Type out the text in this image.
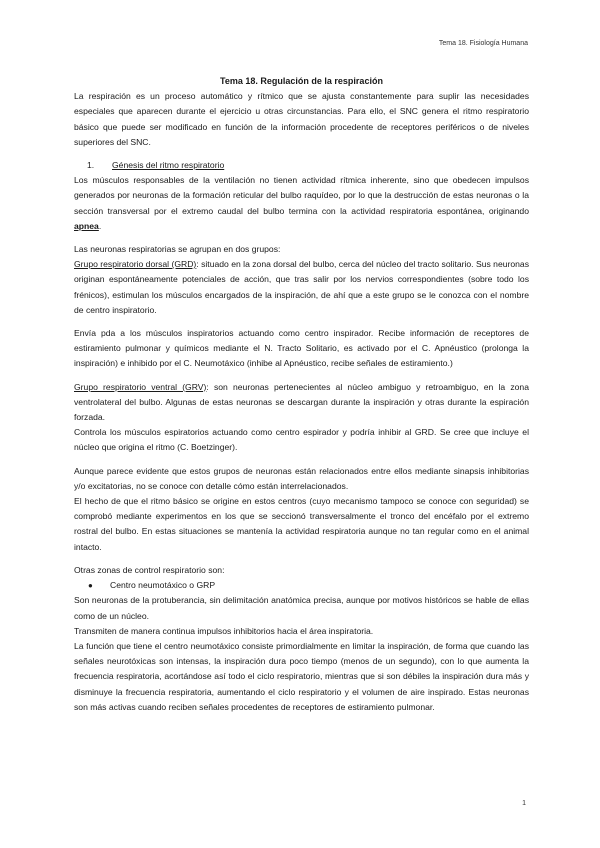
Tema 18. Fisiología Humana

Tema 18. Regulación de la respiración

La respiración es un proceso automático y rítmico que se ajusta constantemente para suplir las necesidades especiales que aparecen durante el ejercicio u otras circunstancias. Para ello, el SNC genera el ritmo respiratorio básico que puede ser modificado en función de la información procedente de receptores periféricos o de niveles superiores del SNC.

1.	Génesis del ritmo respiratorio

Los músculos responsables de la ventilación no tienen actividad rítmica inherente, sino que obedecen impulsos generados por neuronas de la formación reticular del bulbo raquídeo, por lo que la destrucción de estas neuronas o la sección transversal por el extremo caudal del bulbo termina con la actividad respiratoria espontánea, originando apnea.

Las neuronas respiratorias se agrupan en dos grupos:

Grupo respiratorio dorsal (GRD): situado en la zona dorsal del bulbo, cerca del núcleo del tracto solitario. Sus neuronas originan espontáneamente potenciales de acción, que tras salir por los nervios correspondientes (sobre todo los frénicos), estimulan los músculos encargados de la inspiración, de ahí que a este grupo se le conozca con el nombre de centro inspiratorio.

Envía pda a los músculos inspiratorios actuando como centro inspirador. Recibe información de receptores de estiramiento pulmonar y químicos mediante el N. Tracto Solitario, es activado por el C. Apnéustico (prolonga la inspiración) e inhibido por el C. Neumotáxico (inhibe al Apnéustico, recibe señales de estiramiento.)

Grupo respiratorio ventral (GRV): son neuronas pertenecientes al núcleo ambiguo y retroambiguo, en la zona ventrolateral del bulbo. Algunas de estas neuronas se descargan durante la inspiración y otras durante la espiración forzada.

Controla los músculos espiratorios actuando como centro espirador y podría inhibir al GRD. Se cree que incluye el núcleo que origina el ritmo (C. Boetzinger).

Aunque parece evidente que estos grupos de neuronas están relacionados entre ellos mediante sinapsis inhibitorias y/o excitatorias, no se conoce con detalle cómo están interrelacionados.

El hecho de que el ritmo básico se origine en estos centros (cuyo mecanismo tampoco se conoce con seguridad) se comprobó mediante experimentos en los que se seccionó transversalmente el tronco del encéfalo por el extremo rostral del bulbo. En estas situaciones se mantenía la actividad respiratoria aunque no tan regular como en el animal intacto.

Otras zonas de control respiratorio son:

●	Centro neumotáxico o GRP

Son neuronas de la protuberancia, sin delimitación anatómica precisa, aunque por motivos históricos se hable de ellas como de un núcleo.

Transmiten de manera continua impulsos inhibitorios hacia el área inspiratoria.

La función que tiene el centro neumotáxico consiste primordialmente en limitar la inspiración, de forma que cuando las señales neurotóxicas son intensas, la inspiración dura poco tiempo (menos de un segundo), con lo que aumenta la frecuencia respiratoria, acortándose así todo el ciclo respiratorio, mientras que si son débiles la inspiración dura más y disminuye la frecuencia respiratoria, aumentando el ciclo respiratorio y el volumen de aire inspirado. Estas neuronas son más activas cuando reciben señales procedentes de receptores de estiramiento pulmonar.

1
